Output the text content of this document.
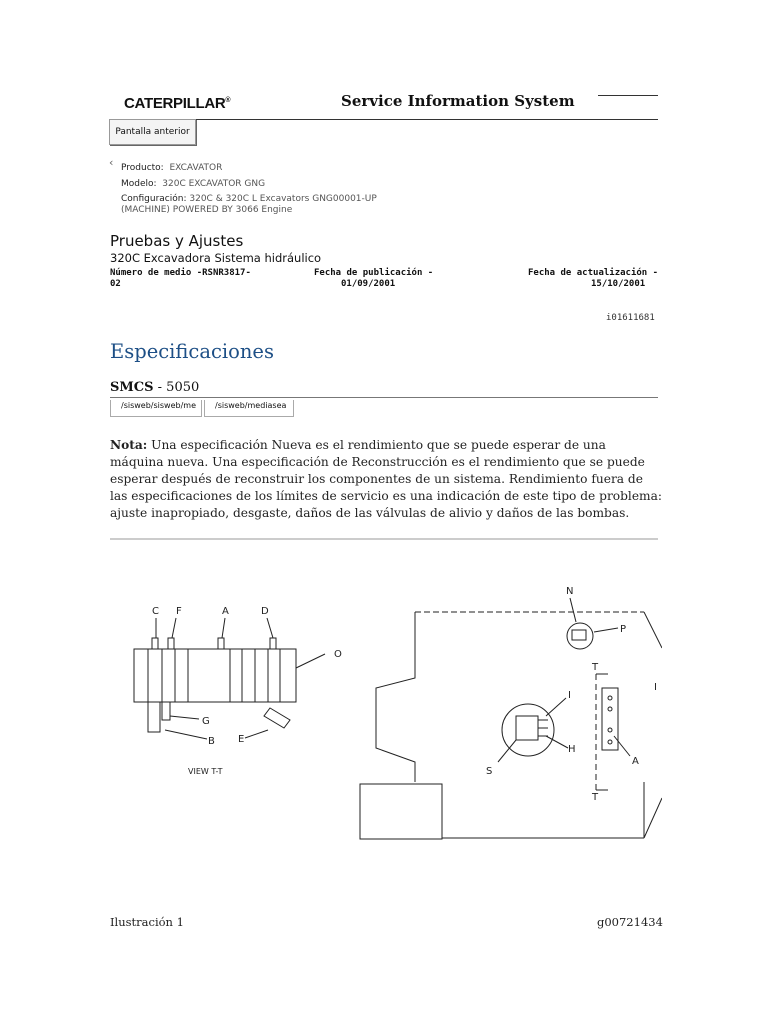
CATERPILLAR®	Service Information System
Pantalla anterior
‹ Producto: EXCAVATOR
Modelo: 320C EXCAVATOR GNG
Configuración: 320C & 320C L Excavators GNG00001-UP
(MACHINE) POWERED BY 3066 Engine
Pruebas y Ajustes
320C Excavadora Sistema hidráulico
Número de medio -RSNR3817-
02
Fecha de publicación -
01/09/2001
Fecha de actualización -
15/10/2001
i01611681
Especificaciones
SMCS - 5050
/sisweb/sisweb/me	/sisweb/mediasea
Nota: Una especificación Nueva es el rendimiento que se puede esperar de una máquina nueva. Una especificación de Reconstrucción es el rendimiento que se puede esperar después de reconstruir los componentes de un sistema. Rendimiento fuera de las especificaciones de los límites de servicio es una indicación de este tipo de problema: ajuste inapropiado, desgaste, daños de las válvulas de alivio y daños de las bombas.
C F	A	D
O
G
B E
VIEW T-T
N
P
T
T
I
H
S
A
I
Ilustración 1	g00721434
